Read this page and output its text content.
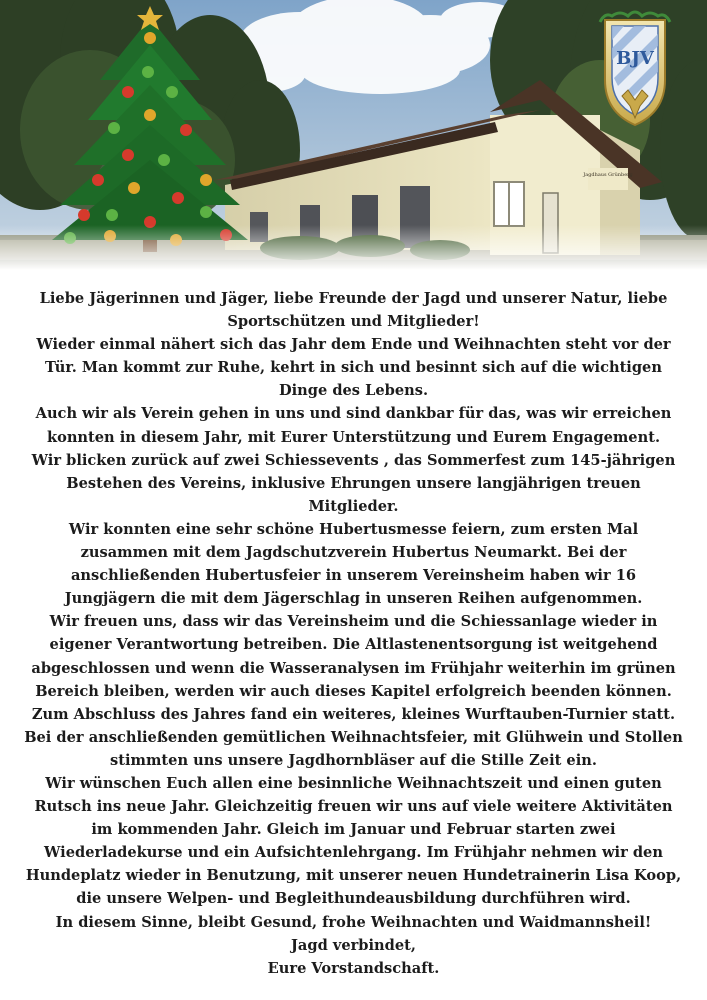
Jagdhaus Grünberg
BJV

Liebe Jägerinnen und Jäger, liebe Freunde der Jagd und unserer Natur, liebe Sportschützen und Mitglieder!

Wieder einmal nähert sich das Jahr dem Ende und Weihnachten steht vor der Tür. Man kommt zur Ruhe, kehrt in sich und besinnt sich auf die wichtigen Dinge des Lebens.

Auch wir als Verein gehen in uns und sind dankbar für das, was wir erreichen konnten in diesem Jahr, mit Eurer Unterstützung und Eurem Engagement.

Wir blicken zurück auf zwei Schiessevents , das Sommerfest zum 145-jährigen Bestehen des Vereins, inklusive Ehrungen unsere langjährigen treuen Mitglieder.

Wir konnten eine sehr schöne Hubertusmesse feiern, zum ersten Mal zusammen mit dem Jagdschutzverein Hubertus Neumarkt. Bei der anschließenden Hubertusfeier in unserem Vereinsheim haben wir 16 Jungjägern die mit dem Jägerschlag in unseren Reihen aufgenommen.

Wir freuen uns, dass wir das Vereinsheim und die Schiessanlage wieder in eigener Verantwortung betreiben. Die Altlastenentsorgung ist weitgehend abgeschlossen und wenn die Wasseranalysen im Frühjahr weiterhin im grünen Bereich bleiben, werden wir auch dieses Kapitel erfolgreich beenden können.

Zum Abschluss des Jahres fand ein weiteres, kleines Wurftauben-Turnier statt. Bei der anschließenden gemütlichen Weihnachtsfeier, mit Glühwein und Stollen stimmten uns unsere Jagdhornbläser auf die Stille Zeit ein.

Wir wünschen Euch allen eine besinnliche Weihnachtszeit und einen guten Rutsch ins neue Jahr. Gleichzeitig freuen wir uns auf viele weitere Aktivitäten im kommenden Jahr. Gleich im Januar und Februar starten zwei Wiederladekurse und ein Aufsichtenlehrgang. Im Frühjahr nehmen wir den Hundeplatz wieder in Benutzung, mit unserer neuen Hundetrainerin Lisa Koop, die unsere Welpen- und Begleithundeausbildung durchführen wird.

In diesem Sinne, bleibt Gesund, frohe Weihnachten und Waidmannsheil!

Jagd verbindet,

Eure Vorstandschaft.
